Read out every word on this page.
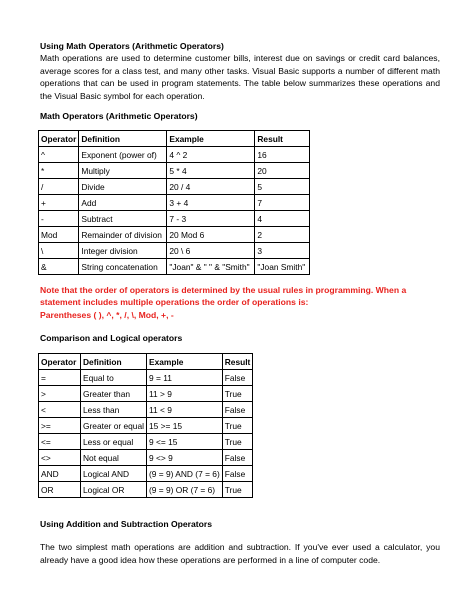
Using Math Operators (Arithmetic Operators)
Math operations are used to determine customer bills, interest due on savings or credit card balances, average scores for a class test, and many other tasks. Visual Basic supports a number of different math operations that can be used in program statements. The table below summarizes these operations and the Visual Basic symbol for each operation.
Math Operators (Arithmetic Operators)
Operator	Definition	Example	Result
^	Exponent (power of)	4 ^ 2	16
*	Multiply	5 * 4	20
/	Divide	20 / 4	5
+	Add	3 + 4	7
-	Subtract	7 - 3	4
Mod	Remainder of division	20 Mod 6	2
\	Integer division	20 \ 6	3
&	String concatenation	"Joan" & " " & "Smith"	"Joan Smith"
Note that the order of operators is determined by the usual rules in programming. When a statement includes multiple operations the order of operations is:
Parentheses ( ), ^, *, /, \, Mod, +, -
Comparison and Logical operators
Operator	Definition	Example	Result
=	Equal to	9 = 11	False
>	Greater than	11 > 9	True
<	Less than	11 < 9	False
>=	Greater or equal	15 >= 15	True
<=	Less or equal	9 <= 15	True
<>	Not equal	9 <> 9	False
AND	Logical AND	(9 = 9) AND (7 = 6)	False
OR	Logical OR	(9 = 9) OR (7 = 6)	True
Using Addition and Subtraction Operators
The two simplest math operations are addition and subtraction. If you've ever used a calculator, you already have a good idea how these operations are performed in a line of computer code.
